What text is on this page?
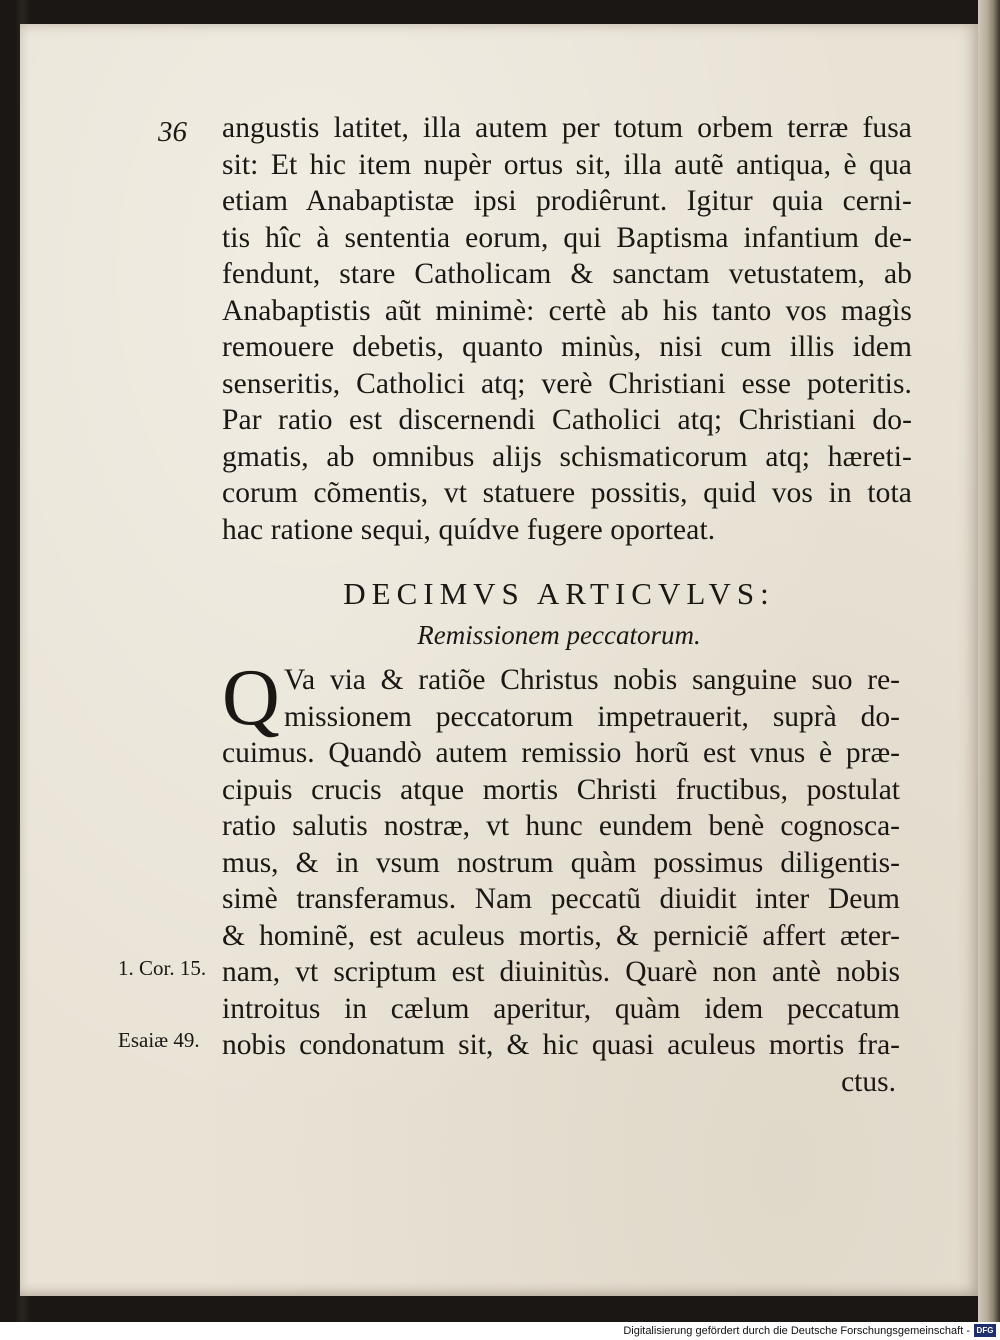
36 angustis latitet, illa autem per totum orbem terræ fusa
sit: Et hic item nupèr ortus sit, illa autẽ antiqua, è qua
etiam Anabaptistæ ipsi prodiêrunt. Igitur quia cerni-
tis hîc à sententia eorum, qui Baptisma infantium de-
fendunt, stare Catholicam & sanctam vetustatem, ab
Anabaptistis aũt minimè: certè ab his tanto vos magìs
remouere debetis, quanto minùs, nisi cum illis idem
senseritis, Catholici atq; verè Christiani esse poteritis.
Par ratio est discernendi Catholici atq; Christiani do-
gmatis, ab omnibus alijs schismaticorum atq; hæreti-
corum cõmentis, vt statuere possitis, quid vos in tota
hac ratione sequi, quídve fugere oporteat.
DECIMVS ARTICVLVS:
Remissionem peccatorum.
Q Va via & ratiõe Christus nobis sanguine suo re-
missionem peccatorum impetrauerit, suprà do-
cuimus. Quandò autem remissio horũ est vnus è præ-
cipuis crucis atque mortis Christi fructibus, postulat
ratio salutis nostræ, vt hunc eundem benè cognosca-
mus, & in vsum nostrum quàm possimus diligentis-
simè transferamus. Nam peccatũ diuidit inter Deum
& hominẽ, est aculeus mortis, & perniciẽ affert æter-
nam, vt scriptum est diuinitùs. Quarè non antè nobis
introitus in cælum aperitur, quàm idem peccatum
nobis condonatum sit, & hic quasi aculeus mortis fra-
ctus.
1. Cor. 15.
Esaiæ 49.
Digitalisierung gefördert durch die Deutsche Forschungsgemeinschaft - DFG
